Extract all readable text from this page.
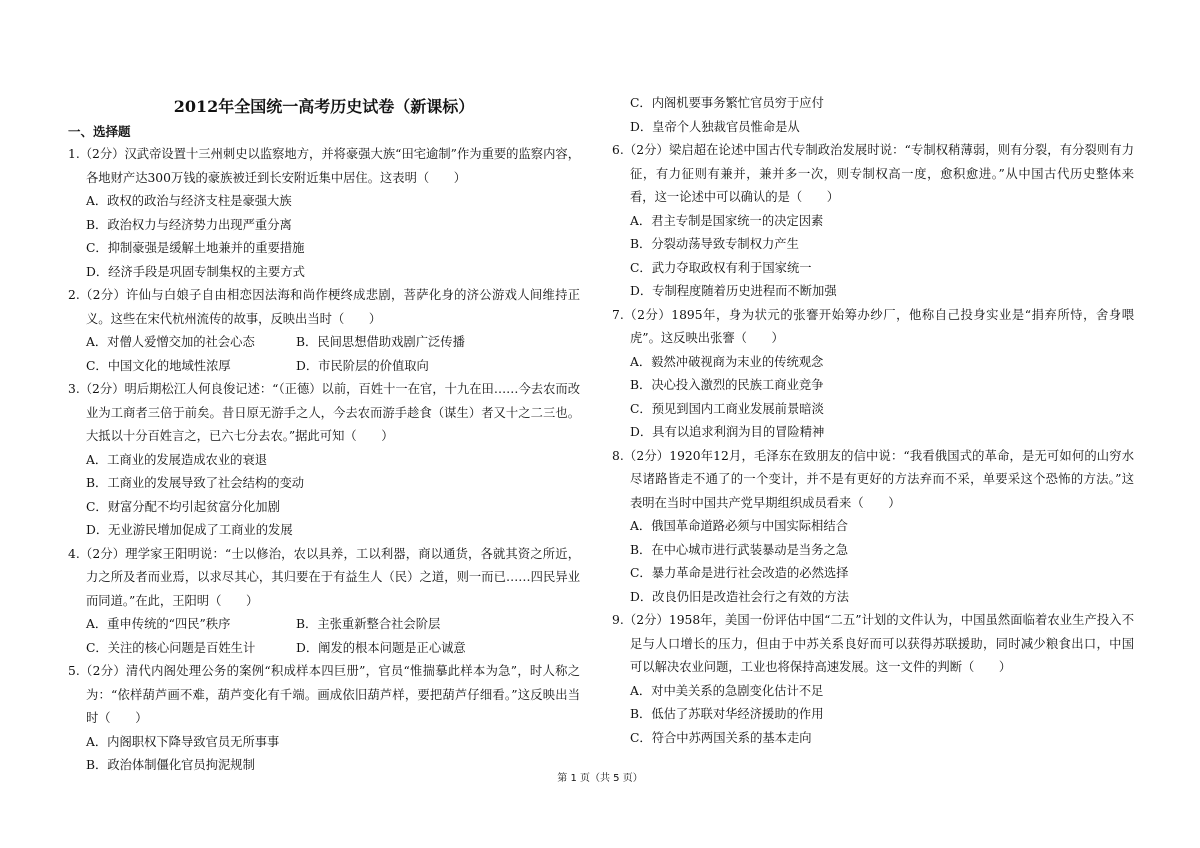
2012年全国统一高考历史试卷（新课标）
一、选择题
1.（2分）汉武帝设置十三州刺史以监察地方，并将豪强大族“田宅逾制”作为重要的监察内容，各地财产达300万钱的豪族被迁到长安附近集中居住。这表明（　　）
A．政权的政治与经济支柱是豪强大族
B．政治权力与经济势力出现严重分离
C．抑制豪强是缓解土地兼并的重要措施
D．经济手段是巩固专制集权的主要方式
2.（2分）许仙与白娘子自由相恋因法海和尚作梗终成悲剧，菩萨化身的济公游戏人间维持正义。这些在宋代杭州流传的故事，反映出当时（　　）
A．对僧人爱憎交加的社会心态	B．民间思想借助戏剧广泛传播
C．中国文化的地域性浓厚	D．市民阶层的价值取向
3.（2分）明后期松江人何良俊记述：“（正德）以前，百姓十一在官，十九在田……今去农而改业为工商者三倍于前矣。昔日原无游手之人，今去农而游手趁食（谋生）者又十之二三也。大抵以十分百姓言之，已六七分去农。”据此可知（　　）
A．工商业的发展造成农业的衰退
B．工商业的发展导致了社会结构的变动
C．财富分配不均引起贫富分化加剧
D．无业游民增加促成了工商业的发展
4.（2分）理学家王阳明说：“士以修治，农以具养，工以利器，商以通货，各就其资之所近，力之所及者而业焉，以求尽其心，其归要在于有益生人（民）之道，则一而已……四民异业而同道。”在此，王阳明（　　）
A．重申传统的“四民”秩序	B．主张重新整合社会阶层
C．关注的核心问题是百姓生计	D．阐发的根本问题是正心诚意
5.（2分）清代内阁处理公务的案例“积成样本四巨册”，官员“惟揣摹此样本为急”，时人称之为：“依样葫芦画不难，葫芦变化有千端。画成依旧葫芦样，要把葫芦仔细看。”这反映出当时（　　）
A．内阁职权下降导致官员无所事事
B．政治体制僵化官员拘泥规制
C．内阁机要事务繁忙官员穷于应付
D．皇帝个人独裁官员惟命是从
6.（2分）梁启超在论述中国古代专制政治发展时说：“专制权稍薄弱，则有分裂，有分裂则有力征，有力征则有兼并，兼并多一次，则专制权高一度，愈积愈进。”从中国古代历史整体来看，这一论述中可以确认的是（　　）
A．君主专制是国家统一的决定因素
B．分裂动荡导致专制权力产生
C．武力夺取政权有利于国家统一
D．专制程度随着历史进程而不断加强
7.（2分）1895年，身为状元的张謇开始筹办纱厂，他称自己投身实业是“捐弃所恃，舍身喂虎”。这反映出张謇（　　）
A．毅然冲破视商为末业的传统观念
B．决心投入激烈的民族工商业竞争
C．预见到国内工商业发展前景暗淡
D．具有以追求利润为目的冒险精神
8.（2分）1920年12月，毛泽东在致朋友的信中说：“我看俄国式的革命，是无可如何的山穷水尽诸路皆走不通了的一个变计，并不是有更好的方法弃而不采，单要采这个恐怖的方法。”这表明在当时中国共产党早期组织成员看来（　　）
A．俄国革命道路必须与中国实际相结合
B．在中心城市进行武装暴动是当务之急
C．暴力革命是进行社会改造的必然选择
D．改良仍旧是改造社会行之有效的方法
9.（2分）1958年，美国一份评估中国“二五”计划的文件认为，中国虽然面临着农业生产投入不足与人口增长的压力，但由于中苏关系良好而可以获得苏联援助，同时减少粮食出口，中国可以解决农业问题，工业也将保持高速发展。这一文件的判断（　　）
A．对中美关系的急剧变化估计不足
B．低估了苏联对华经济援助的作用
C．符合中苏两国关系的基本走向
第 1 页（共 5 页）
